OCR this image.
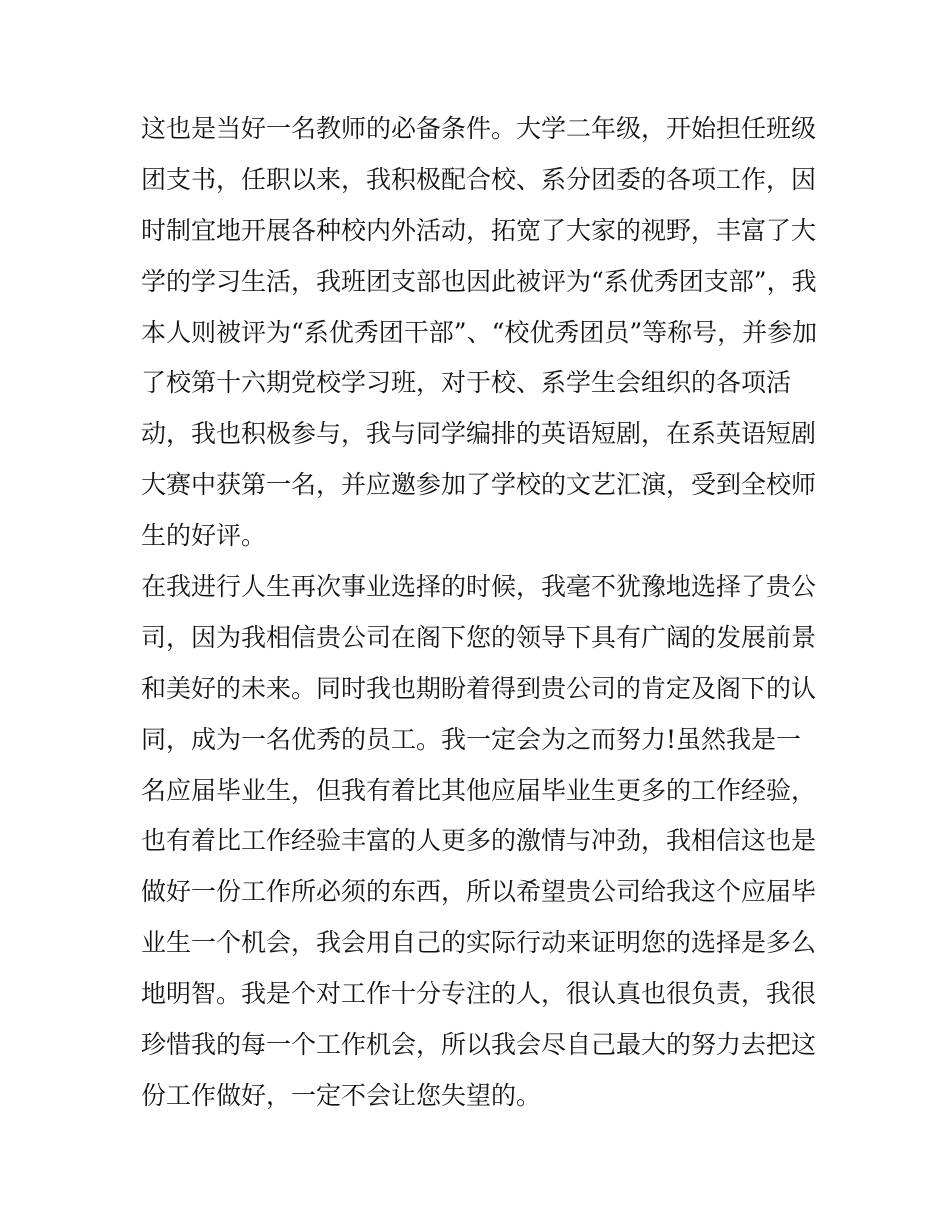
这也是当好一名教师的必备条件。大学二年级，开始担任班级
团支书，任职以来，我积极配合校、系分团委的各项工作，因
时制宜地开展各种校内外活动，拓宽了大家的视野，丰富了大
学的学习生活，我班团支部也因此被评为“系优秀团支部”，我
本人则被评为“系优秀团干部”、“校优秀团员”等称号，并参加
了校第十六期党校学习班，对于校、系学生会组织的各项活
动，我也积极参与，我与同学编排的英语短剧，在系英语短剧
大赛中获第一名，并应邀参加了学校的文艺汇演，受到全校师
生的好评。
在我进行人生再次事业选择的时候，我毫不犹豫地选择了贵公
司，因为我相信贵公司在阁下您的领导下具有广阔的发展前景
和美好的未来。同时我也期盼着得到贵公司的肯定及阁下的认
同，成为一名优秀的员工。我一定会为之而努力!虽然我是一
名应届毕业生，但我有着比其他应届毕业生更多的工作经验，
也有着比工作经验丰富的人更多的激情与冲劲，我相信这也是
做好一份工作所必须的东西，所以希望贵公司给我这个应届毕
业生一个机会，我会用自己的实际行动来证明您的选择是多么
地明智。我是个对工作十分专注的人，很认真也很负责，我很
珍惜我的每一个工作机会，所以我会尽自己最大的努力去把这
份工作做好，一定不会让您失望的。
